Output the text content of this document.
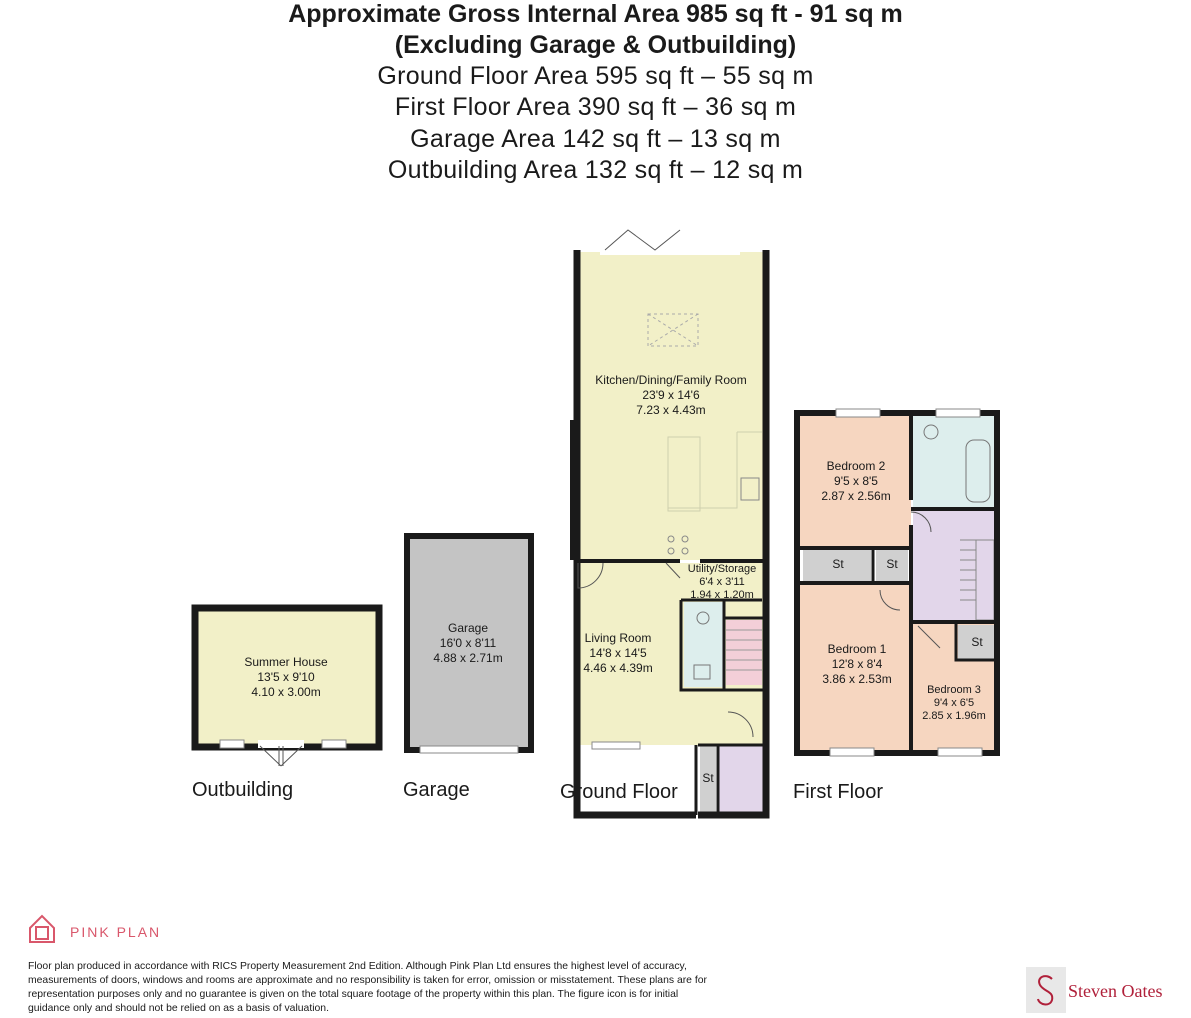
Approximate Gross Internal Area 985 sq ft - 91 sq m
(Excluding Garage & Outbuilding)
Ground Floor Area 595 sq ft – 55 sq m
First Floor Area 390 sq ft – 36 sq m
Garage Area 142 sq ft – 13 sq m
Outbuilding Area 132 sq ft – 12 sq m
Kitchen/Dining/Family Room
23'9 x 14'6
7.23 x 4.43m
Utility/Storage
6'4 x 3'11
1.94 x 1.20m
Living Room
14'8 x 14'5
4.46 x 4.39m
Garage
16'0 x 8'11
4.88 x 2.71m
Summer House
13'5 x 9'10
4.10 x 3.00m
Bedroom 2
9'5 x 8'5
2.87 x 2.56m
Bedroom 1
12'8 x 8'4
3.86 x 2.53m
Bedroom 3
9'4 x 6'5
2.85 x 1.96m
St	St
St
St
Outbuilding	Garage	Ground Floor	First Floor
PINK PLAN
Floor plan produced in accordance with RICS Property Measurement 2nd Edition. Although Pink Plan Ltd ensures the highest level of accuracy, measurements of doors, windows and rooms are approximate and no responsibility is taken for error, omission or misstatement. These plans are for representation purposes only and no guarantee is given on the total square footage of the property within this plan. The figure icon is for initial guidance only and should not be relied on as a basis of valuation.
Steven Oates
